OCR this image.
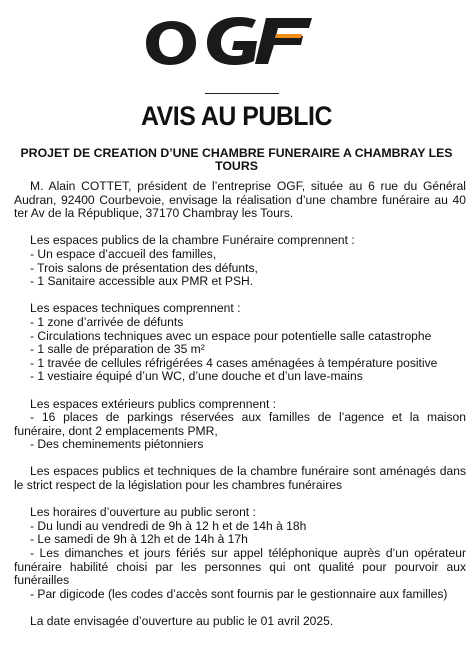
AVIS AU PUBLIC
PROJET DE CREATION D’UNE CHAMBRE FUNERAIRE A CHAMBRAY LES TOURS

M. Alain COTTET, président de l’entreprise OGF, située au 6 rue du Général Audran, 92400 Courbevoie, envisage la réalisation d’une chambre funéraire au 40 ter Av de la République, 37170 Chambray les Tours.

Les espaces publics de la chambre Funéraire comprennent :

- Un espace d’accueil des familles,

- Trois salons de présentation des défunts,

- 1 Sanitaire accessible aux PMR et PSH.

Les espaces techniques comprennent :

- 1 zone d’arrivée de défunts

- Circulations techniques avec un espace pour potentielle salle catastrophe

- 1 salle de préparation de 35 m²

- 1 travée de cellules réfrigérées 4 cases aménagées à température positive

- 1 vestiaire équipé d’un WC, d’une douche et d’un lave-mains

Les espaces extérieurs publics comprennent :

- 16 places de parkings réservées aux familles de l’agence et la maison funéraire, dont 2 emplacements PMR,

- Des cheminements piétonniers

Les espaces publics et techniques de la chambre funéraire sont aménagés dans le strict respect de la législation pour les chambres funéraires

Les horaires d’ouverture au public seront :

- Du lundi au vendredi de 9h à 12 h et de 14h à 18h

- Le samedi de 9h à 12h et de 14h à 17h

- Les dimanches et jours fériés sur appel téléphonique auprès d’un opérateur funéraire habilité choisi par les personnes qui ont qualité pour pourvoir aux funérailles

- Par digicode (les codes d’accès sont fournis par le gestionnaire aux familles)

La date envisagée d’ouverture au public le 01 avril 2025.
